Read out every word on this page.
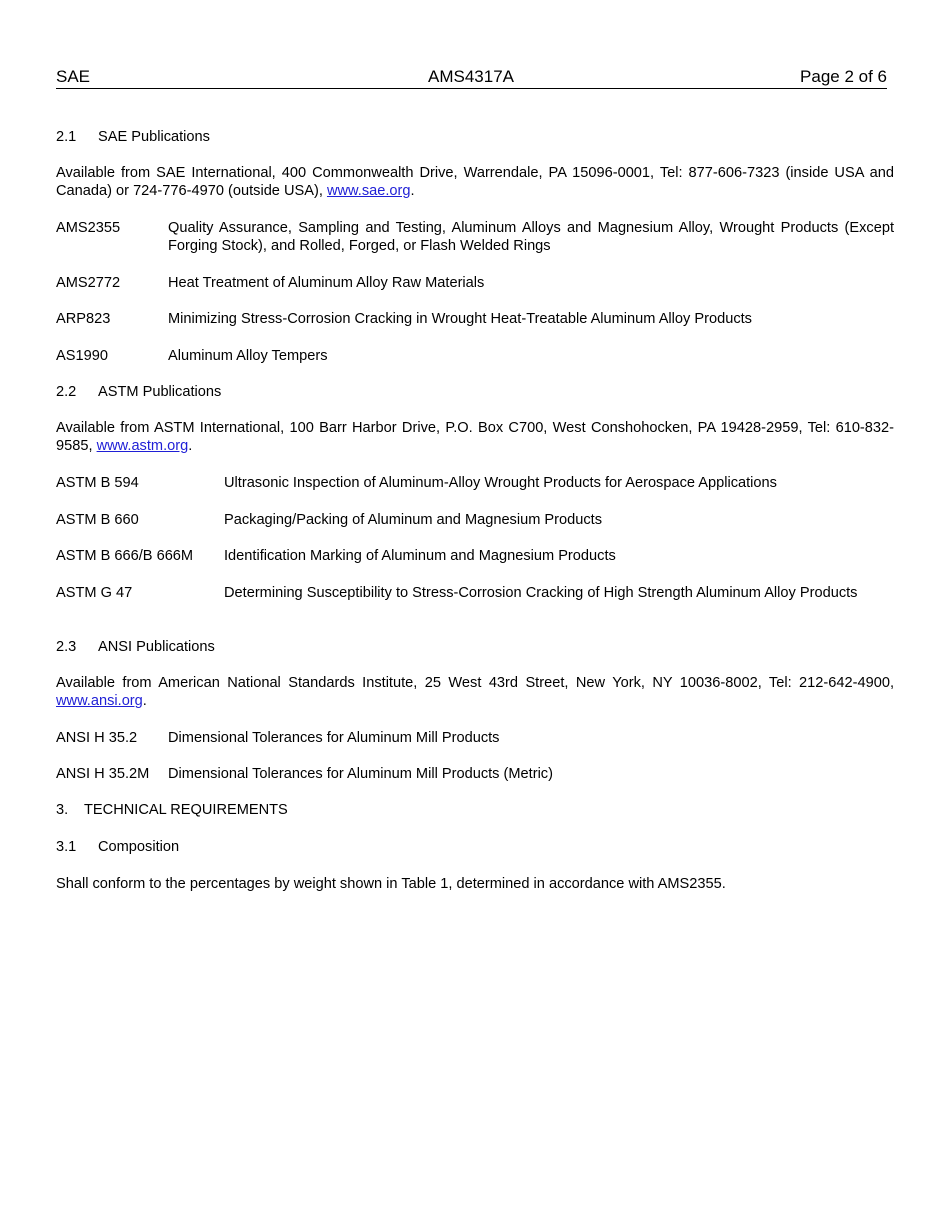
SAE	AMS4317A	Page 2 of 6
2.1 SAE Publications
Available from SAE International, 400 Commonwealth Drive, Warrendale, PA 15096-0001, Tel: 877-606-7323 (inside USA and Canada) or 724-776-4970 (outside USA), www.sae.org.
AMS2355	Quality Assurance, Sampling and Testing, Aluminum Alloys and Magnesium Alloy, Wrought Products (Except Forging Stock), and Rolled, Forged, or Flash Welded Rings
AMS2772	Heat Treatment of Aluminum Alloy Raw Materials
ARP823	Minimizing Stress-Corrosion Cracking in Wrought Heat-Treatable Aluminum Alloy Products
AS1990	Aluminum Alloy Tempers
2.2 ASTM Publications
Available from ASTM International, 100 Barr Harbor Drive, P.O. Box C700, West Conshohocken, PA 19428-2959, Tel: 610-832-9585, www.astm.org.
ASTM B 594	Ultrasonic Inspection of Aluminum-Alloy Wrought Products for Aerospace Applications
ASTM B 660	Packaging/Packing of Aluminum and Magnesium Products
ASTM B 666/B 666M	Identification Marking of Aluminum and Magnesium Products
ASTM G 47	Determining Susceptibility to Stress-Corrosion Cracking of High Strength Aluminum Alloy Products
2.3 ANSI Publications
Available from American National Standards Institute, 25 West 43rd Street, New York, NY 10036-8002, Tel: 212-642-4900, www.ansi.org.
ANSI H 35.2	Dimensional Tolerances for Aluminum Mill Products
ANSI H 35.2M	Dimensional Tolerances for Aluminum Mill Products (Metric)
3. TECHNICAL REQUIREMENTS
3.1 Composition
Shall conform to the percentages by weight shown in Table 1, determined in accordance with AMS2355.
